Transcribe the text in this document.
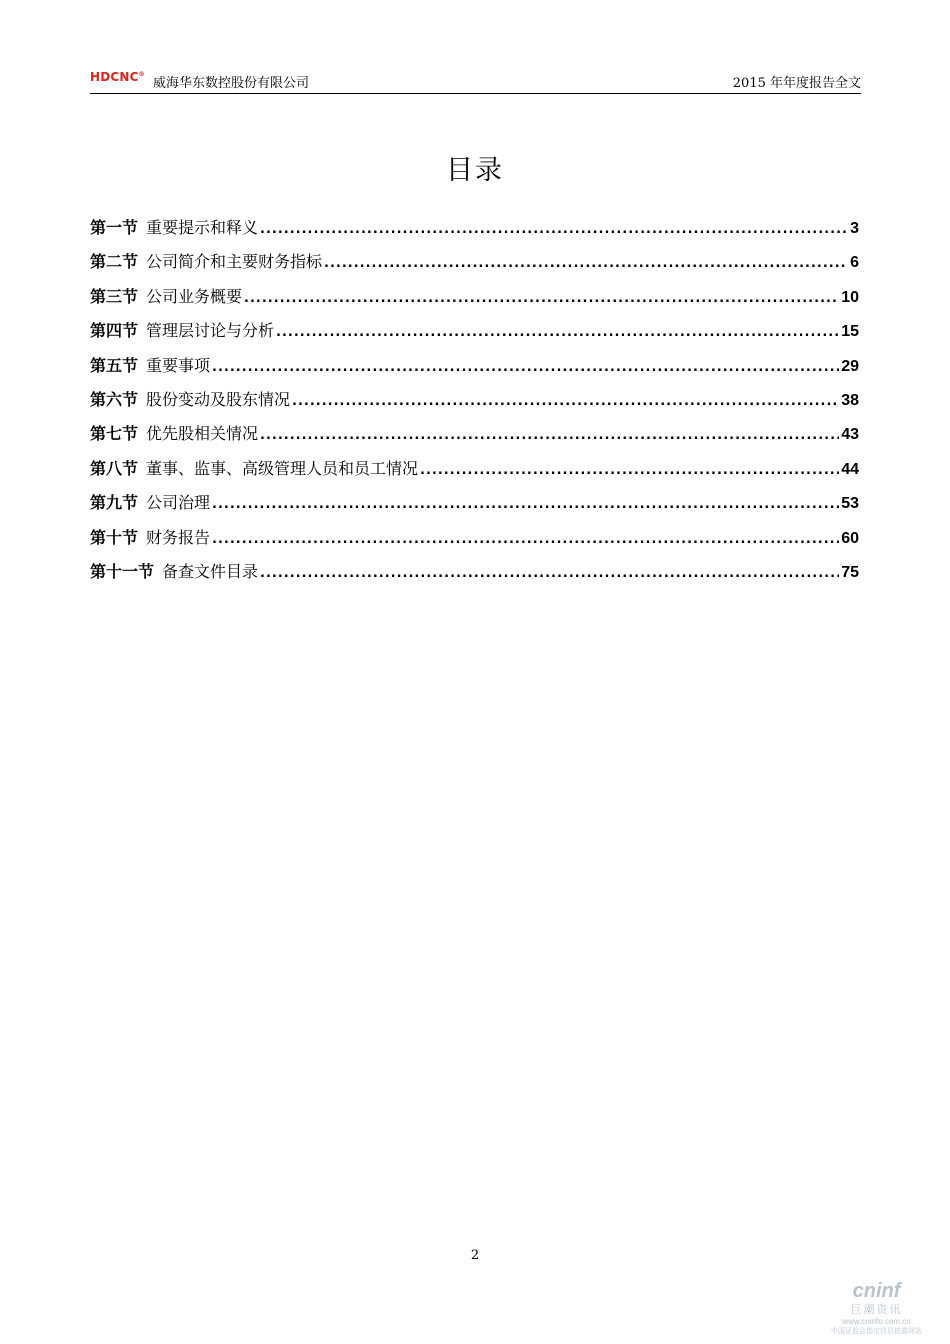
HDCNC®
威海华东数控股份有限公司	2015 年年度报告全文
目录
第一节 重要提示和释义 .....	3
第二节 公司简介和主要财务指标 .....	6
第三节 公司业务概要 .....	10
第四节 管理层讨论与分析 .....	15
第五节 重要事项 .....	29
第六节 股份变动及股东情况 .....	38
第七节 优先股相关情况 .....	43
第八节 董事、监事、高级管理人员和员工情况 .....	44
第九节 公司治理 .....	53
第十节 财务报告 .....	60
第十一节 备查文件目录 .....	75
2
cninf
巨潮资讯
www.cninfo.com.cn
中国证监会指定信息披露网站
